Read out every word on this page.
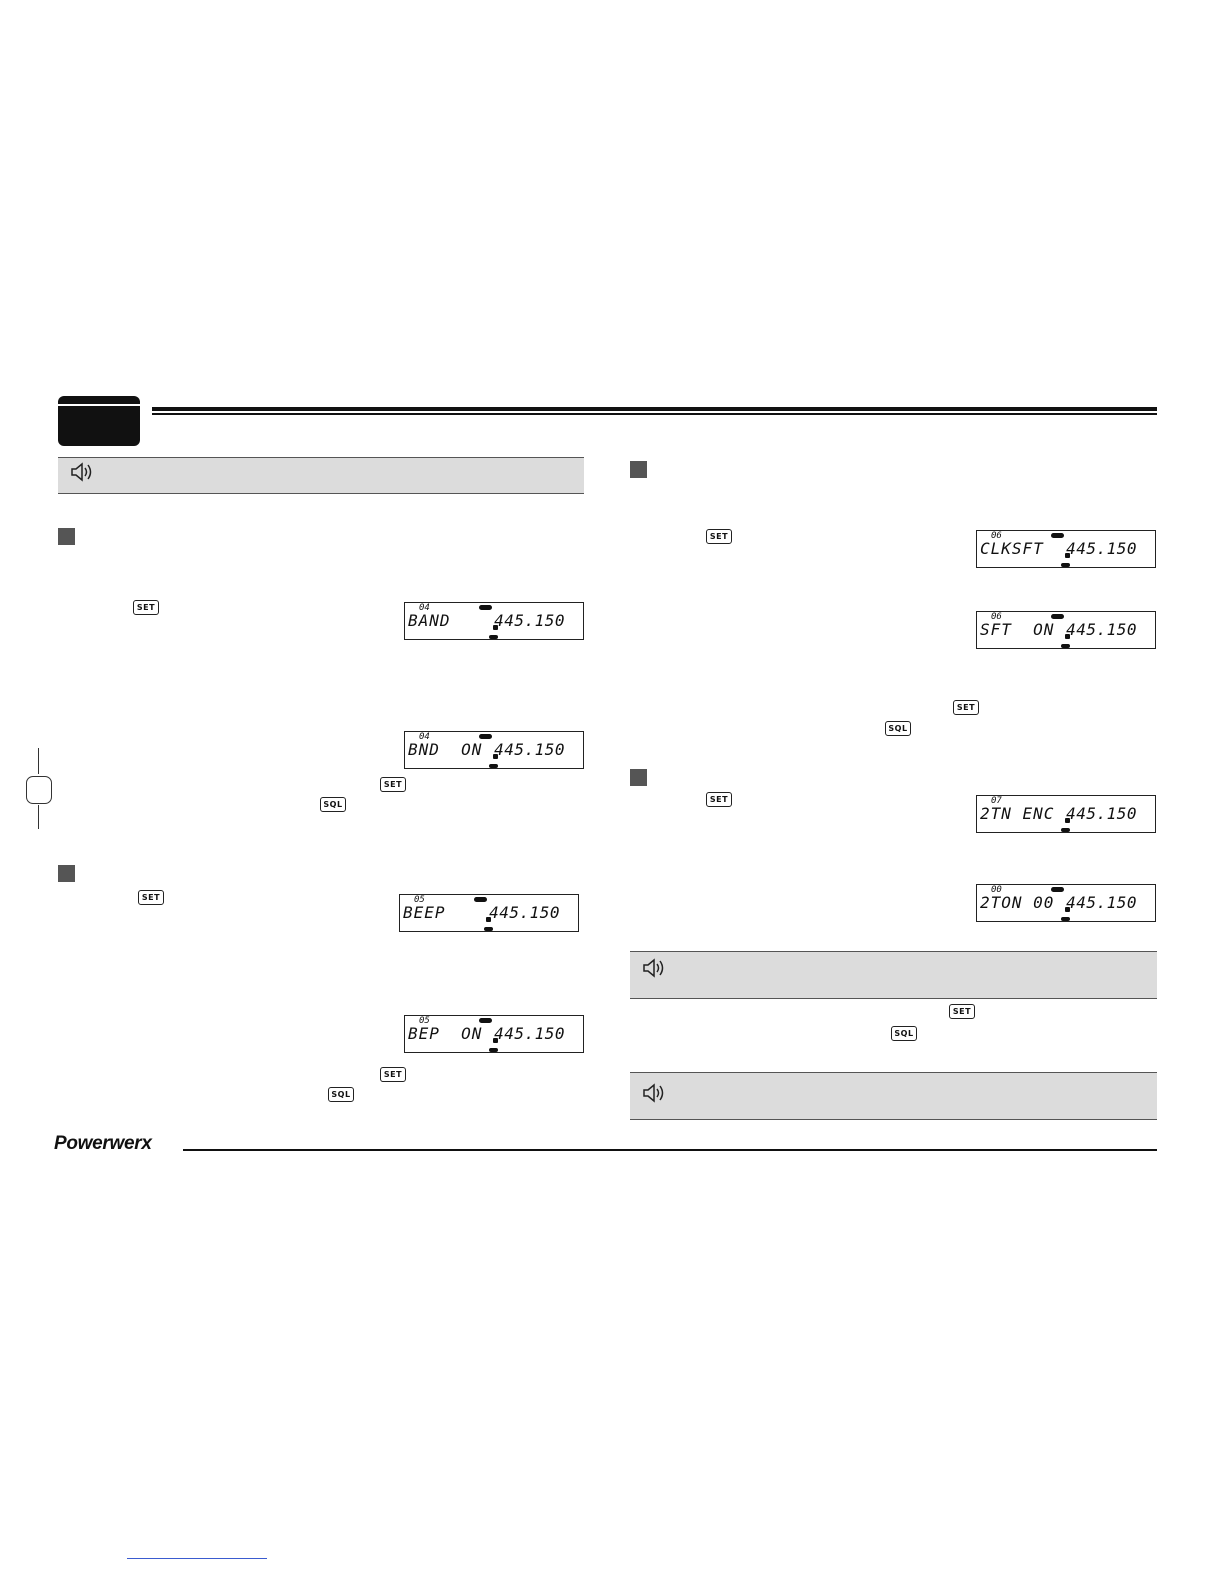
SET	04
BAND	445.150
04
BND  ON 445.150
SET
SQL
SET	05
BEEP	445.150
05
BEP  ON 445.150
SET
SQL
SET	06
CLKSFT 445.150
06
SFT  ON 445.150
SET
SQL
SET	07
2TN ENC 445.150
00
2TON 00 445.150
SET
SQL
Powerwerx
